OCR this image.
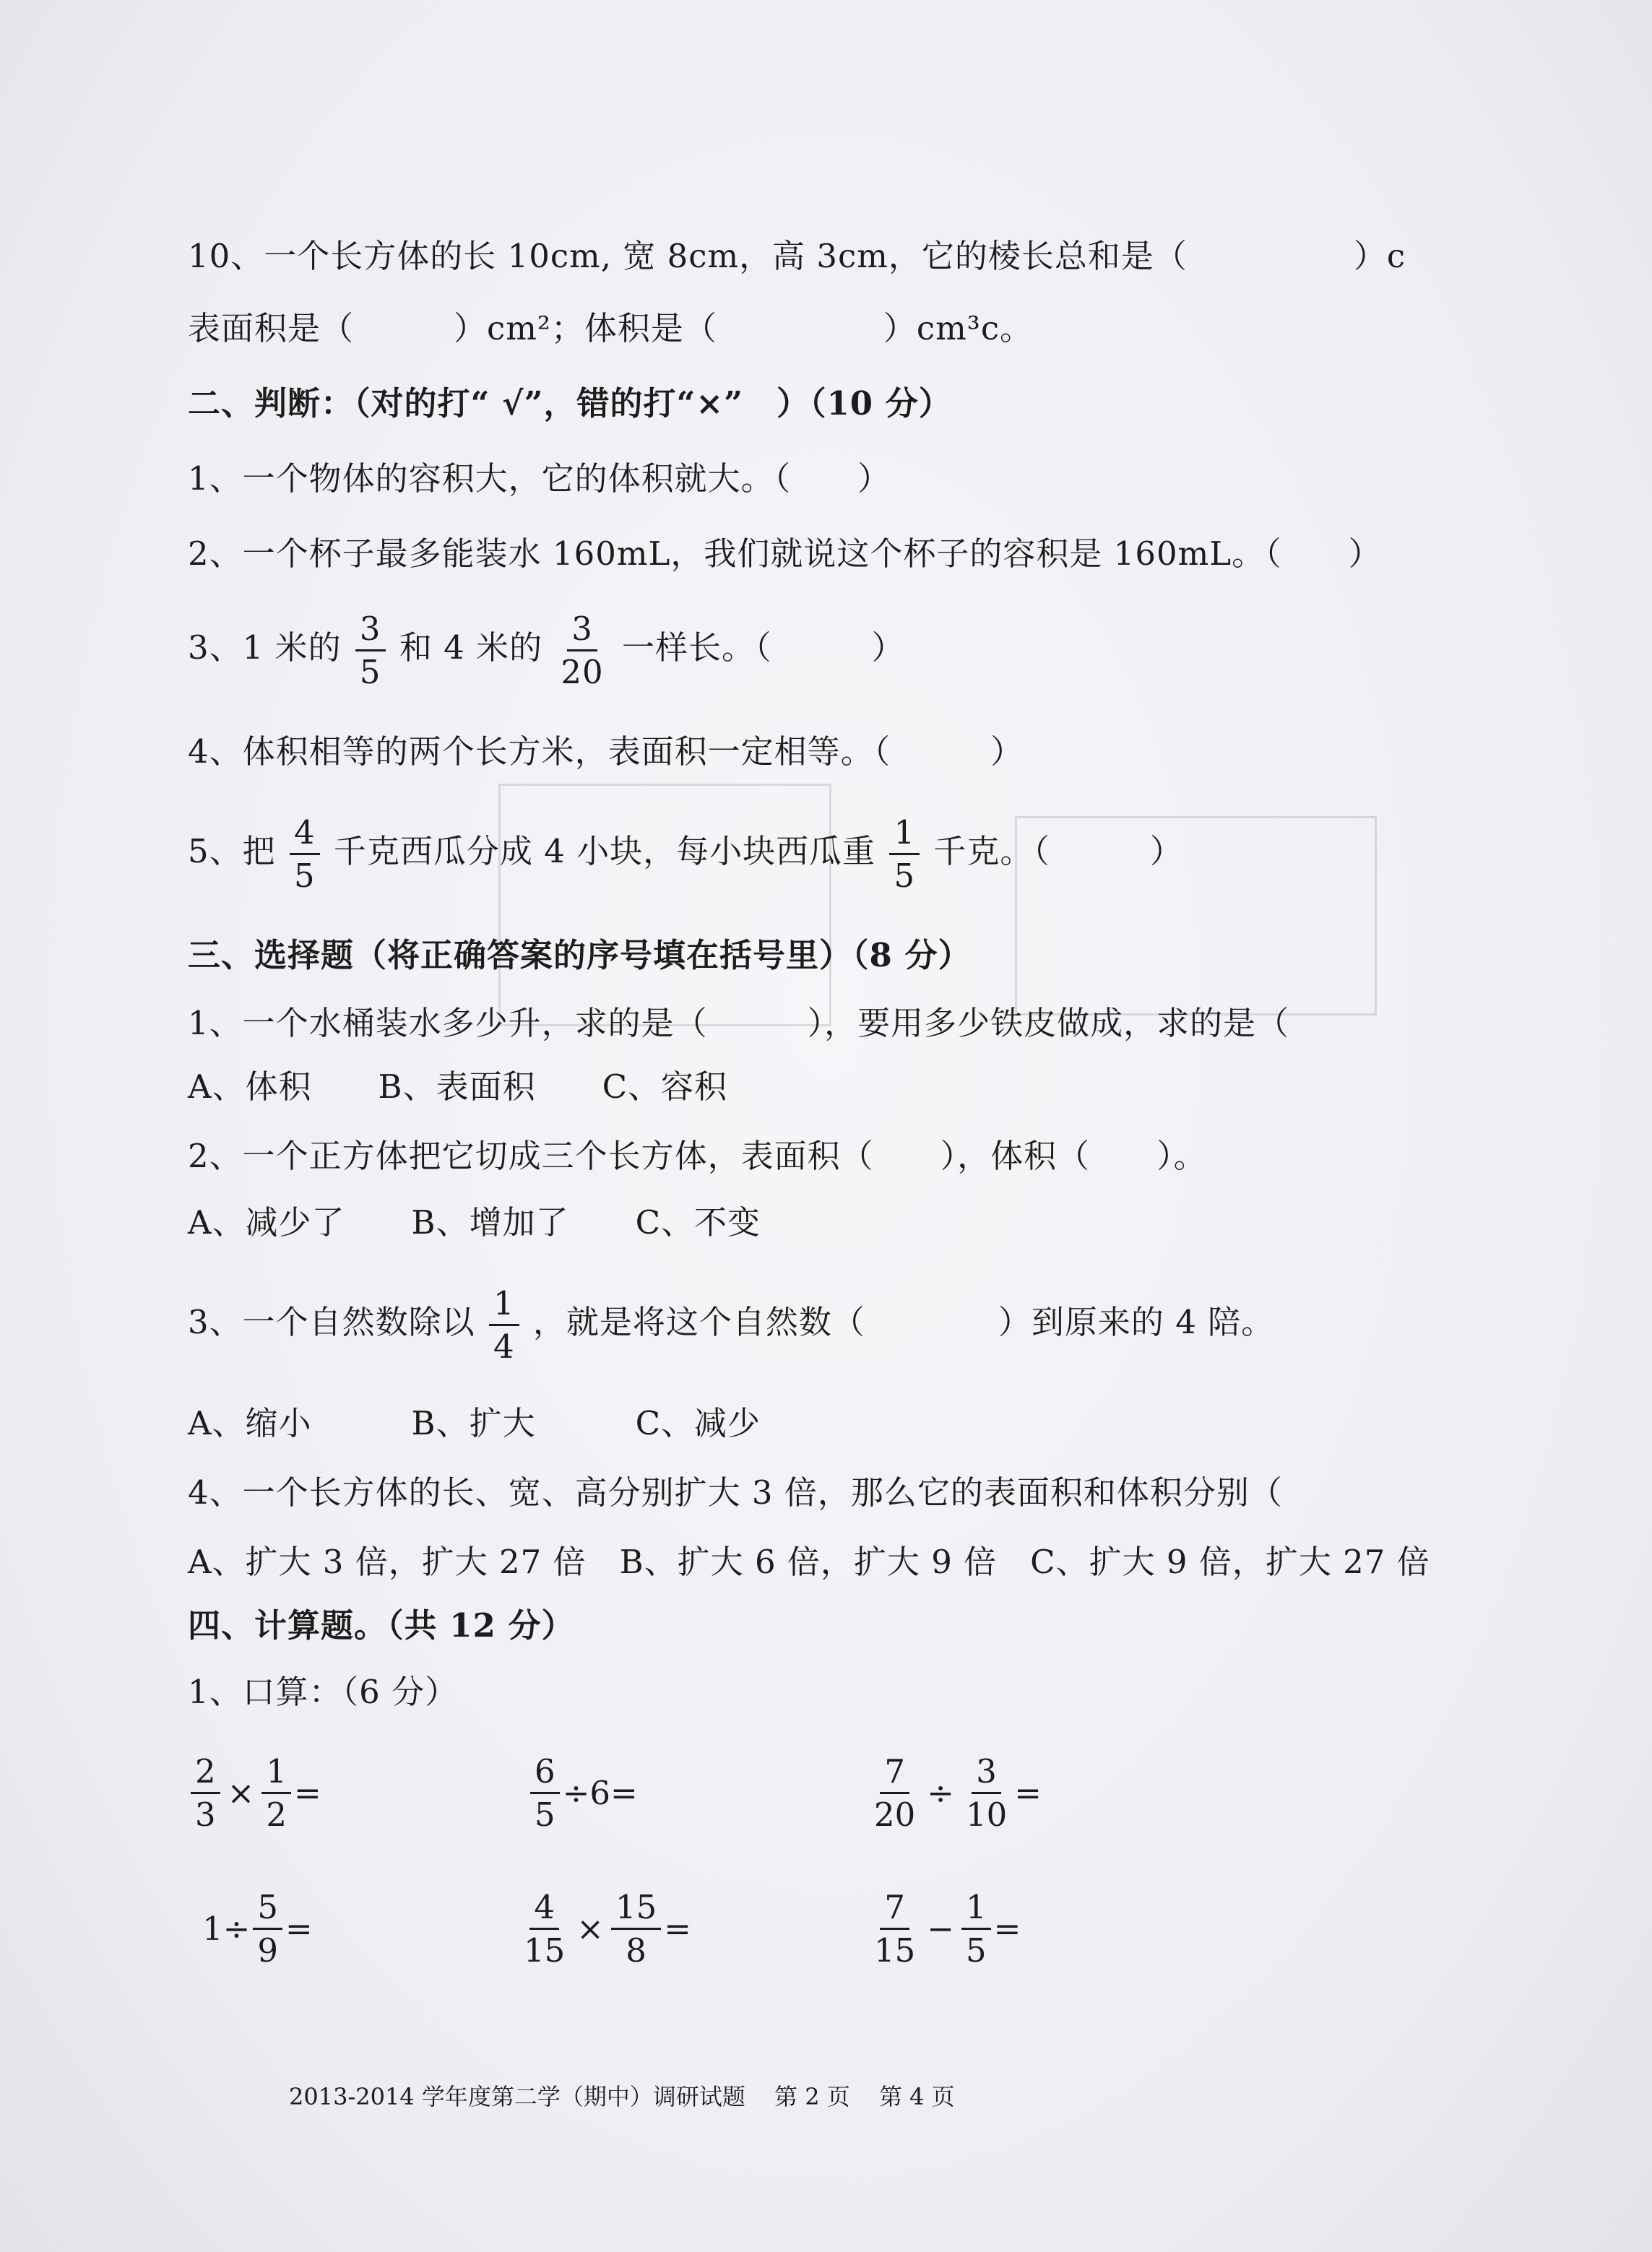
10、一个长方体的长 10cm, 宽 8cm，高 3cm，它的棱长总和是（　　　　　）c
表面积是（　　　）cm²；体积是（　　　　　）cm³c。
二、判断：（对的打“ √”，错的打“×”　）（10 分）
1、一个物体的容积大，它的体积就大。（　　）
2、一个杯子最多能装水 160mL，我们就说这个杯子的容积是 160mL。（　　）
3、1 米的 $\frac{3}{5}$ 和 4 米的 $\frac{3}{20}$ 一样长。（　　　）
4、体积相等的两个长方米，表面积一定相等。（　　　）
5、把 $\frac{4}{5}$ 千克西瓜分成 4 小块，每小块西瓜重 $\frac{1}{5}$ 千克。（　　　）
三、选择题（将正确答案的序号填在括号里）（8 分）
1、一个水桶装水多少升，求的是（　　　），要用多少铁皮做成，求的是（
A、体积　　B、表面积　　C、容积
2、一个正方体把它切成三个长方体，表面积（　　），体积（　　）。
A、减少了　　B、增加了　　C、不变
3、一个自然数除以 $\frac{1}{4}$ ，就是将这个自然数（　　　　）到原来的 4 陪。
A、缩小　　　B、扩大　　　C、减少
4、一个长方体的长、宽、高分别扩大 3 倍，那么它的表面积和体积分别（
A、扩大 3 倍，扩大 27 倍　B、扩大 6 倍，扩大 9 倍　C、扩大 9 倍，扩大 27 倍
四、计算题。（共 12 分）
1、口算：（6 分）
$\frac{2}{3} \times \frac{1}{2}$ =	$\frac{6}{5} \div 6$ =	$\frac{7}{20} \div \frac{3}{10}$ =
$1\div \frac{5}{9}$ =	$\frac{4}{15} \times \frac{15}{8}$ =	$\frac{7}{15} - \frac{1}{5}$ =
2013-2014 学年度第二学（期中）调研试题 第 2 页 第 4 页
